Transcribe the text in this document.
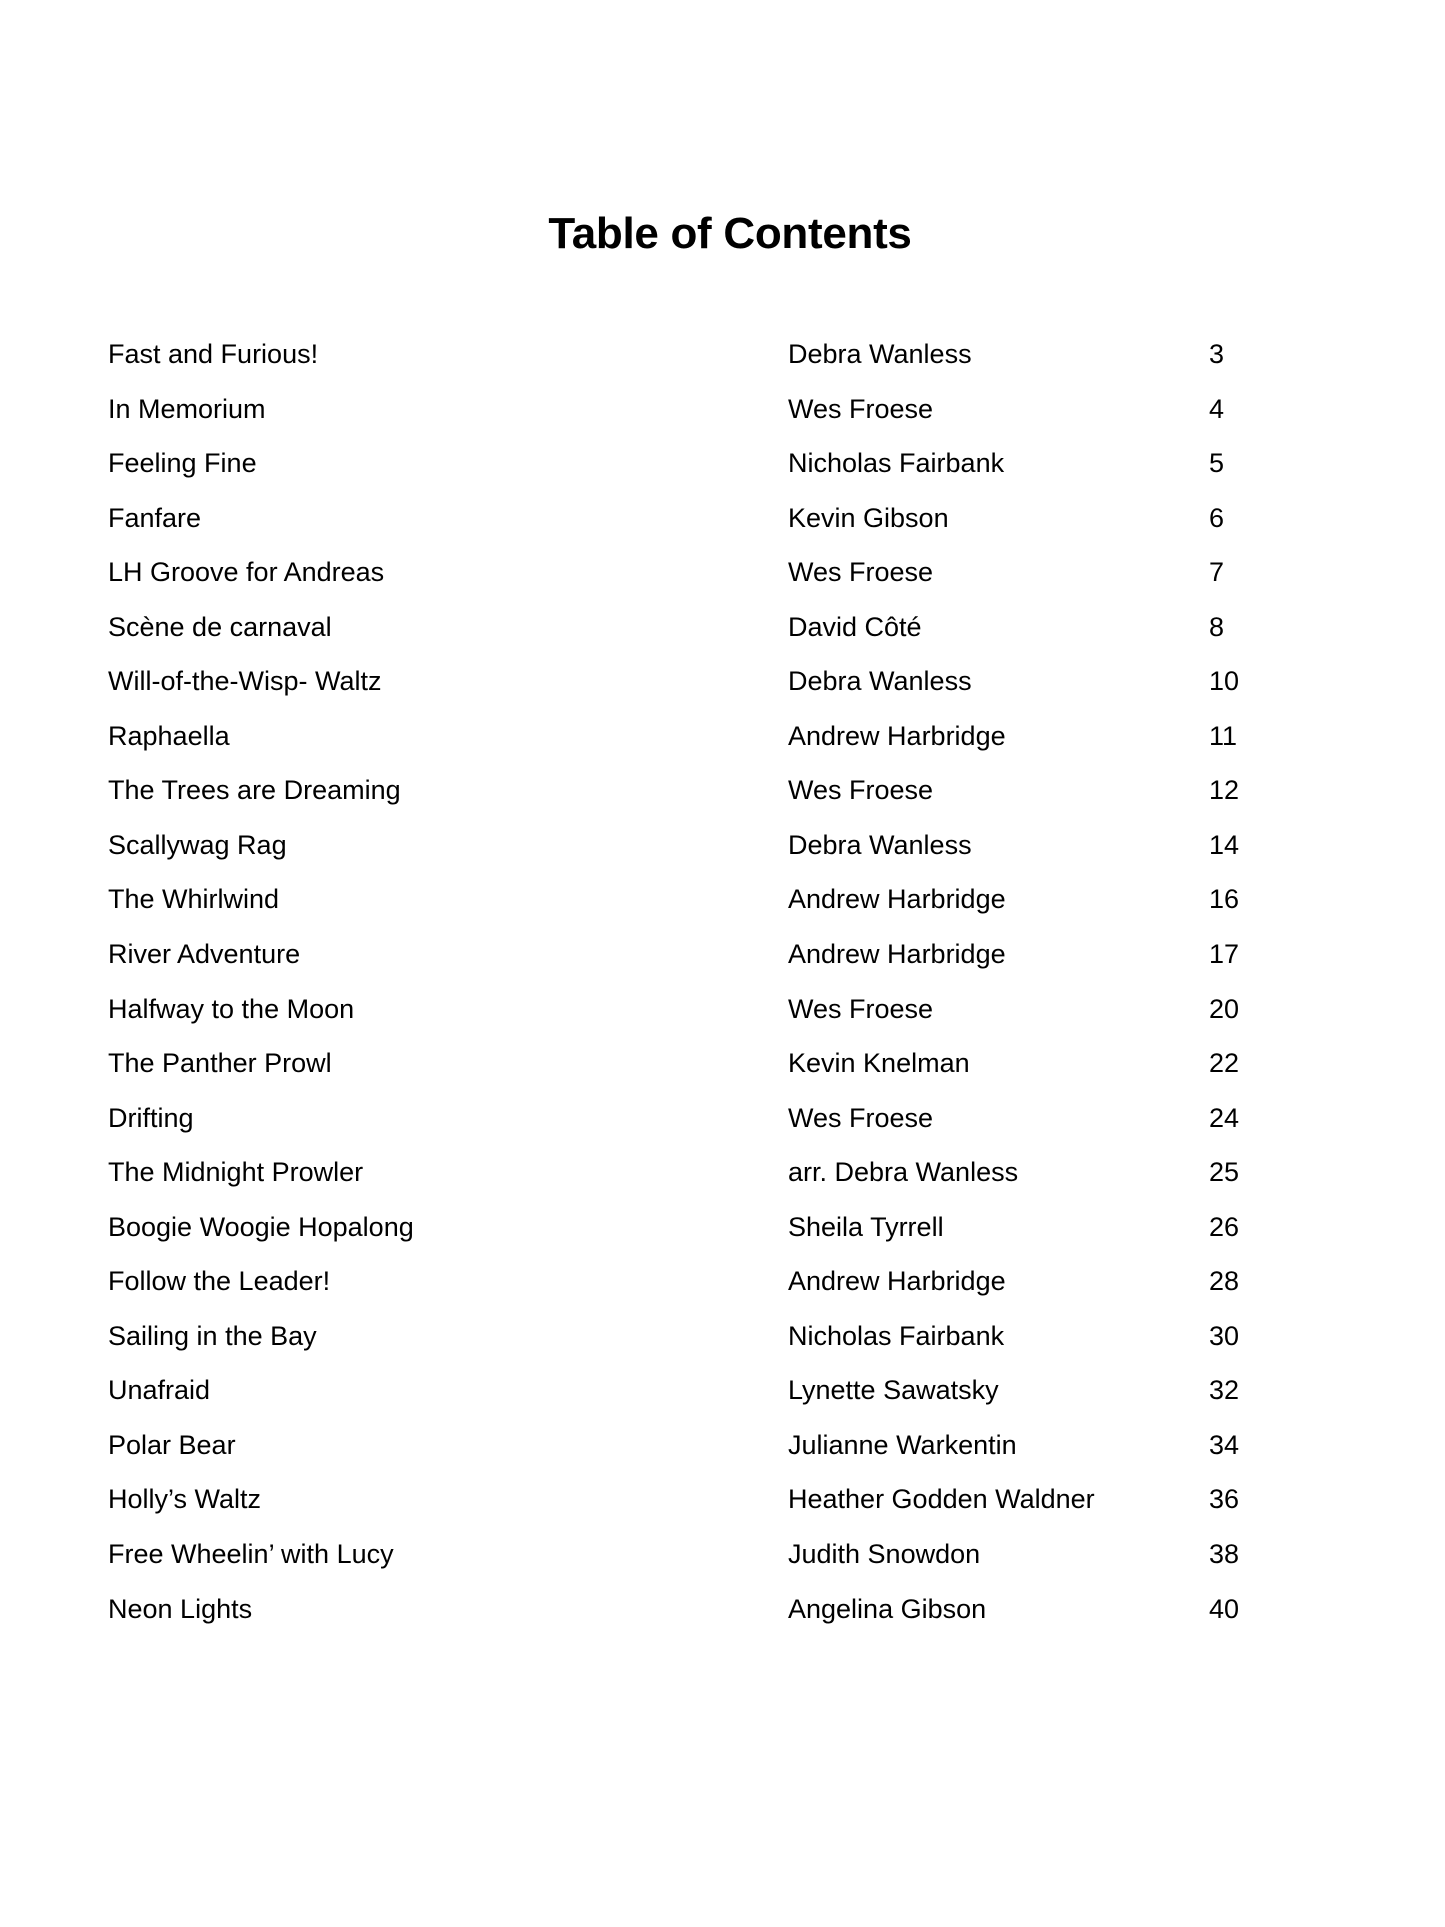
Table of Contents
Fast and Furious!	Debra Wanless	3
In Memorium	Wes Froese	4
Feeling Fine	Nicholas Fairbank	5
Fanfare	Kevin Gibson	6
LH Groove for Andreas	Wes Froese	7
Scène de carnaval	David Côté	8
Will-of-the-Wisp- Waltz	Debra Wanless	10
Raphaella	Andrew Harbridge	11
The Trees are Dreaming	Wes Froese	12
Scallywag Rag	Debra Wanless	14
The Whirlwind	Andrew Harbridge	16
River Adventure	Andrew Harbridge	17
Halfway to the Moon	Wes Froese	20
The Panther Prowl	Kevin Knelman	22
Drifting	Wes Froese	24
The Midnight Prowler	arr. Debra Wanless	25
Boogie Woogie Hopalong	Sheila Tyrrell	26
Follow the Leader!	Andrew Harbridge	28
Sailing in the Bay	Nicholas Fairbank	30
Unafraid	Lynette Sawatsky	32
Polar Bear	Julianne Warkentin	34
Holly’s Waltz	Heather Godden Waldner	36
Free Wheelin’ with Lucy	Judith Snowdon	38
Neon Lights	Angelina Gibson	40
